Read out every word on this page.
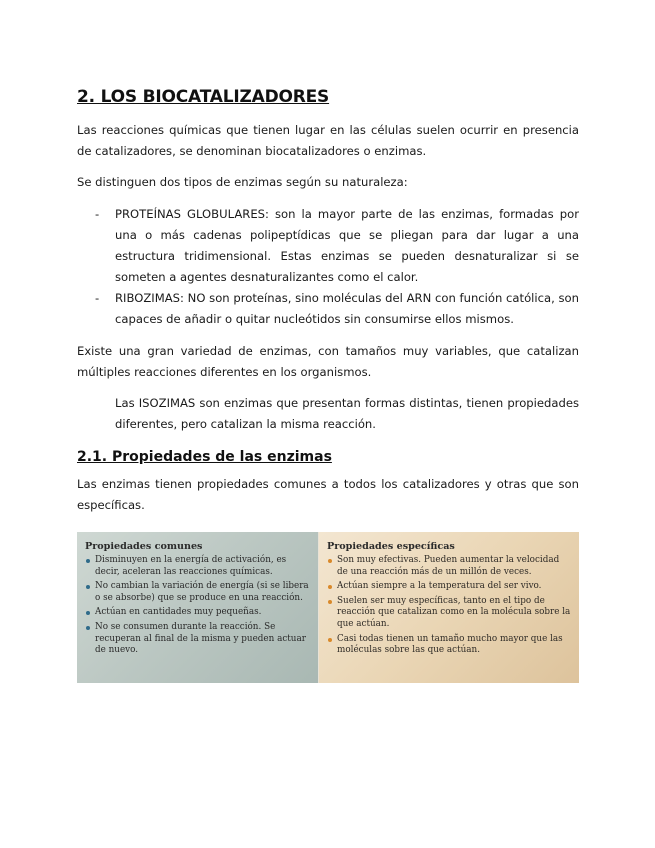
2. LOS BIOCATALIZADORES

Las reacciones químicas que tienen lugar en las células suelen ocurrir en presencia de catalizadores, se denominan biocatalizadores o enzimas.

Se distinguen dos tipos de enzimas según su naturaleza:

- PROTEÍNAS GLOBULARES: son la mayor parte de las enzimas, formadas por una o más cadenas polipeptídicas que se pliegan para dar lugar a una estructura tridimensional. Estas enzimas se pueden desnaturalizar si se someten a agentes desnaturalizantes como el calor.
- RIBOZIMAS: NO son proteínas, sino moléculas del ARN con función católica, son capaces de añadir o quitar nucleótidos sin consumirse ellos mismos.

Existe una gran variedad de enzimas, con tamaños muy variables, que catalizan múltiples reacciones diferentes en los organismos.

Las ISOZIMAS son enzimas que presentan formas distintas, tienen propiedades diferentes, pero catalizan la misma reacción.

2.1. Propiedades de las enzimas

Las enzimas tienen propiedades comunes a todos los catalizadores y otras que son específicas.

Propiedades comunes
Disminuyen en la energía de activación, es decir, aceleran las reacciones químicas.
No cambian la variación de energía (si se libera o se absorbe) que se produce en una reacción.
Actúan en cantidades muy pequeñas.
No se consumen durante la reacción. Se recuperan al final de la misma y pueden actuar de nuevo.
Propiedades específicas
Son muy efectivas. Pueden aumentar la velocidad de una reacción más de un millón de veces.
Actúan siempre a la temperatura del ser vivo.
Suelen ser muy específicas, tanto en el tipo de reacción que catalizan como en la molécula sobre la que actúan.
Casi todas tienen un tamaño mucho mayor que las moléculas sobre las que actúan.
